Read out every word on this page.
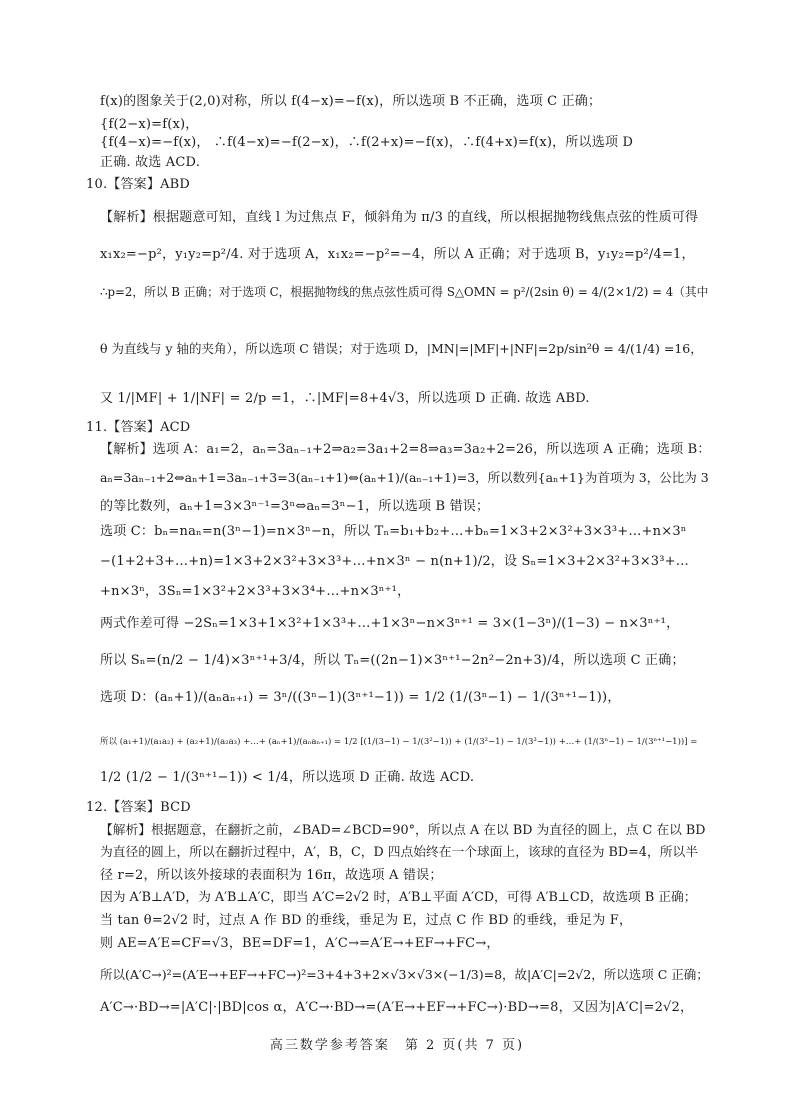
f(x)的图象关于(2,0)对称，所以 f(4−x)=−f(x)，所以选项 B 不正确，选项 C 正确；
{f(2−x)=f(x)，
{f(4−x)=−f(x)， ∴f(4−x)=−f(2−x)，∴f(2+x)=−f(x)，∴f(4+x)=f(x)，所以选项 D
正确. 故选 ACD.
10.【答案】ABD
【解析】根据题意可知，直线 l 为过焦点 F，倾斜角为 π/3 的直线，所以根据抛物线焦点弦的性质可得
x₁x₂=−p²，y₁y₂=p²/4. 对于选项 A，x₁x₂=−p²=−4，所以 A 正确；对于选项 B，y₁y₂=p²/4=1，
∴p=2，所以 B 正确；对于选项 C，根据抛物线的焦点弦性质可得 S△OMN = p²/(2sin θ) = 4/(2×1/2) = 4（其中
θ 为直线与 y 轴的夹角），所以选项 C 错误；对于选项 D，|MN|=|MF|+|NF|=2p/sin²θ = 4/(1/4) =16，
又 1/|MF| + 1/|NF| = 2/p =1，∴|MF|=8+4√3，所以选项 D 正确. 故选 ABD.
11.【答案】ACD
【解析】选项 A：a₁=2，aₙ=3aₙ₋₁+2⇒a₂=3a₁+2=8⇒a₃=3a₂+2=26，所以选项 A 正确；选项 B：
aₙ=3aₙ₋₁+2⇔aₙ+1=3aₙ₋₁+3=3(aₙ₋₁+1)⇔(aₙ+1)/(aₙ₋₁+1)=3，所以数列{aₙ+1}为首项为 3，公比为 3
的等比数列，aₙ+1=3×3ⁿ⁻¹=3ⁿ⇔aₙ=3ⁿ−1，所以选项 B 错误；
选项 C：bₙ=naₙ=n(3ⁿ−1)=n×3ⁿ−n，所以 Tₙ=b₁+b₂+…+bₙ=1×3+2×3²+3×3³+…+n×3ⁿ
−(1+2+3+…+n)=1×3+2×3²+3×3³+…+n×3ⁿ − n(n+1)/2，设 Sₙ=1×3+2×3²+3×3³+…
+n×3ⁿ，3Sₙ=1×3²+2×3³+3×3⁴+…+n×3ⁿ⁺¹，
两式作差可得 −2Sₙ=1×3+1×3²+1×3³+…+1×3ⁿ−n×3ⁿ⁺¹ = 3×(1−3ⁿ)/(1−3) − n×3ⁿ⁺¹，
所以 Sₙ=(n/2 − 1/4)×3ⁿ⁺¹+3/4，所以 Tₙ=((2n−1)×3ⁿ⁺¹−2n²−2n+3)/4，所以选项 C 正确；
选项 D：(aₙ+1)/(aₙaₙ₊₁) = 3ⁿ/((3ⁿ−1)(3ⁿ⁺¹−1)) = 1/2 (1/(3ⁿ−1) − 1/(3ⁿ⁺¹−1))，
所以 (a₁+1)/(a₁a₂) + (a₂+1)/(a₂a₃) +…+ (aₙ+1)/(aₙaₙ₊₁) = 1/2 [(1/(3−1) − 1/(3²−1)) + (1/(3²−1) − 1/(3³−1)) +…+ (1/(3ⁿ−1) − 1/(3ⁿ⁺¹−1))] =
1/2 (1/2 − 1/(3ⁿ⁺¹−1)) < 1/4，所以选项 D 正确. 故选 ACD.
12.【答案】BCD
【解析】根据题意，在翻折之前，∠BAD=∠BCD=90°，所以点 A 在以 BD 为直径的圆上，点 C 在以 BD
为直径的圆上，所以在翻折过程中，A′，B，C，D 四点始终在一个球面上，该球的直径为 BD=4，所以半
径 r=2，所以该外接球的表面积为 16π，故选项 A 错误；
因为 A′B⊥A′D，为 A′B⊥A′C，即当 A′C=2√2 时，A′B⊥平面 A′CD，可得 A′B⊥CD，故选项 B 正确；
当 tan θ=2√2 时，过点 A 作 BD 的垂线，垂足为 E，过点 C 作 BD 的垂线，垂足为 F，
则 AE=A′E=CF=√3，BE=DF=1，A′C→=A′E→+EF→+FC→，
所以(A′C→)²=(A′E→+EF→+FC→)²=3+4+3+2×√3×√3×(−1/3)=8，故|A′C|=2√2，所以选项 C 正确；
A′C→·BD→=|A′C|·|BD|cos α，A′C→·BD→=(A′E→+EF→+FC→)·BD→=8，又因为|A′C|=2√2，
高三数学参考答案　第 2 页(共 7 页)
